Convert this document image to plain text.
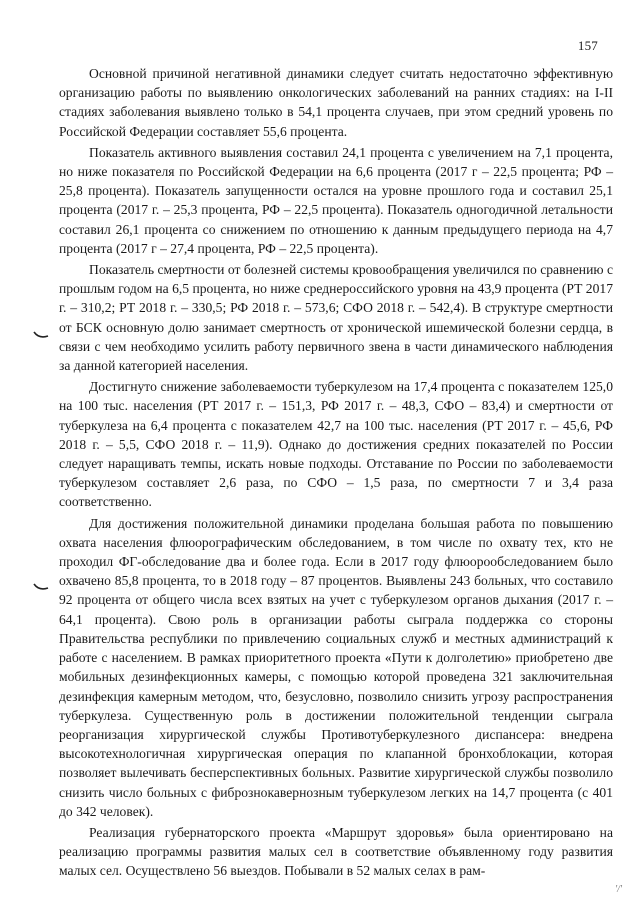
157

Основной причиной негативной динамики следует считать недостаточно эффективную организацию работы по выявлению онкологических заболеваний на ранних стадиях: на I-II стадиях заболевания выявлено только в 54,1 процента случаев, при этом средний уровень по Российской Федерации составляет 55,6 процента.

Показатель активного выявления составил 24,1 процента с увеличением на 7,1 процента, но ниже показателя по Российской Федерации на 6,6 процента (2017 г – 22,5 процента; РФ – 25,8 процента). Показатель запущенности остался на уровне прошлого года и составил 25,1 процента (2017 г. – 25,3 процента, РФ – 22,5 процента). Показатель одногодичной летальности составил 26,1 процента со снижением по отношению к данным предыдущего периода на 4,7 процента (2017 г – 27,4 процента, РФ – 22,5 процента).

Показатель смертности от болезней системы кровообращения увеличился по сравнению с прошлым годом на 6,5 процента, но ниже среднероссийского уровня на 43,9 процента (РТ 2017 г. – 310,2; РТ 2018 г. – 330,5; РФ 2018 г. – 573,6; СФО 2018 г. – 542,4). В структуре смертности от БСК основную долю занимает смертность от хронической ишемической болезни сердца, в связи с чем необходимо усилить работу первичного звена в части динамического наблюдения за данной категорией населения.

Достигнуто снижение заболеваемости туберкулезом на 17,4 процента с показателем 125,0 на 100 тыс. населения (РТ 2017 г. – 151,3, РФ 2017 г. – 48,3, СФО – 83,4) и смертности от туберкулеза на 6,4 процента с показателем 42,7 на 100 тыс. населения (РТ 2017 г. – 45,6, РФ 2018 г. – 5,5, СФО 2018 г. – 11,9). Однако до достижения средних показателей по России следует наращивать темпы, искать новые подходы. Отставание по России по заболеваемости туберкулезом составляет 2,6 раза, по СФО – 1,5 раза, по смертности 7 и 3,4 раза соответственно.

Для достижения положительной динамики проделана большая работа по повышению охвата населения флюорографическим обследованием, в том числе по охвату тех, кто не проходил ФГ-обследование два и более года. Если в 2017 году флюорообследованием было охвачено 85,8 процента, то в 2018 году – 87 процентов. Выявлены 243 больных, что составило 92 процента от общего числа всех взятых на учет с туберкулезом органов дыхания (2017 г. – 64,1 процента). Свою роль в организации работы сыграла поддержка со стороны Правительства республики по привлечению социальных служб и местных администраций к работе с населением. В рамках приоритетного проекта «Пути к долголетию» приобретено две мобильных дезинфекционных камеры, с помощью которой проведена 321 заключительная дезинфекция камерным методом, что, безусловно, позволило снизить угрозу распространения туберкулеза. Существенную роль в достижении положительной тенденции сыграла реорганизация хирургической службы Противотуберкулезного диспансера: внедрена высокотехнологичная хирургическая операция по клапанной бронхоблокации, которая позволяет вылечивать бесперспективных больных. Развитие хирургической службы позволило снизить число больных с фибрознокавернозным туберкулезом легких на 14,7 процента (с 401 до 342 человек).

Реализация губернаторского проекта «Маршрут здоровья» была ориентировано на реализацию программы развития малых сел в соответствие объявленному году развития малых сел. Осуществлено 56 выездов. Побывали в 52 малых селах в рам-

ʹ/ʹ
